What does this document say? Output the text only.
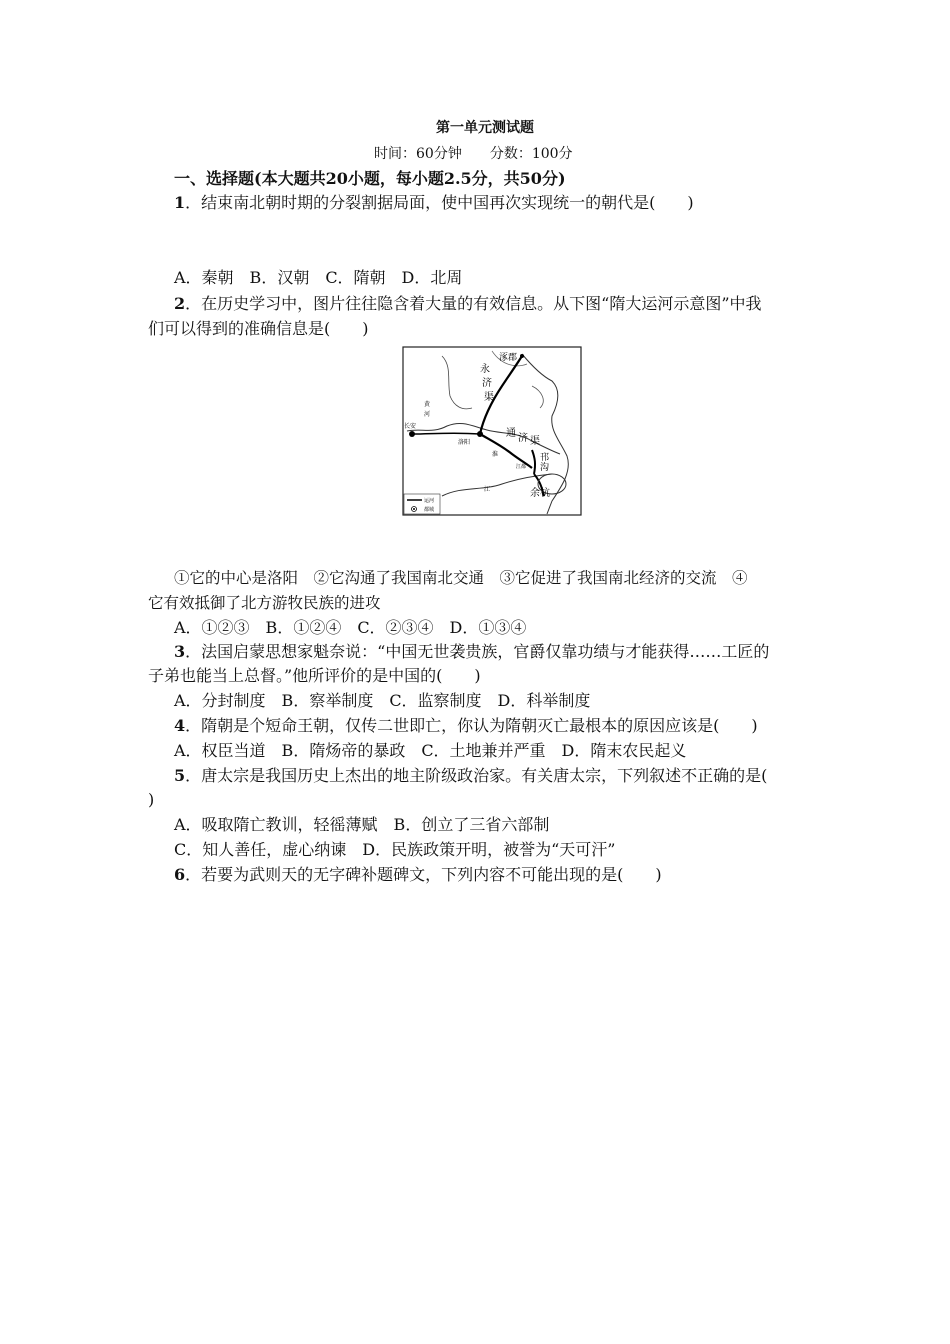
第一单元测试题
时间：60分钟　　分数：100分
一、选择题(本大题共20小题，每小题2.5分，共50分)
1．结束南北朝时期的分裂割据局面，使中国再次实现统一的朝代是(　　)
A．秦朝　B．汉朝　C．隋朝　D．北周
2．在历史学习中，图片往往隐含着大量的有效信息。从下图“隋大运河示意图”中我
们可以得到的准确信息是(　　)
涿郡
永
济
渠
通 济 渠
邗
沟
余杭
长安
洛阳
黄
河
江
江都
淮
运河
都城
①它的中心是洛阳　②它沟通了我国南北交通　③它促进了我国南北经济的交流　④
它有效抵御了北方游牧民族的进攻
A．①②③　B．①②④　C．②③④　D．①③④
3．法国启蒙思想家魁奈说：“中国无世袭贵族，官爵仅靠功绩与才能获得……工匠的
子弟也能当上总督。”他所评价的是中国的(　　)
A．分封制度　B．察举制度　C．监察制度　D．科举制度
4．隋朝是个短命王朝，仅传二世即亡，你认为隋朝灭亡最根本的原因应该是(　　)
A．权臣当道　B．隋炀帝的暴政　C．土地兼并严重　D．隋末农民起义
5．唐太宗是我国历史上杰出的地主阶级政治家。有关唐太宗，下列叙述不正确的是(
)
A．吸取隋亡教训，轻徭薄赋　B．创立了三省六部制
C．知人善任，虚心纳谏　D．民族政策开明，被誉为“天可汗”
6．若要为武则天的无字碑补题碑文，下列内容不可能出现的是(　　)
